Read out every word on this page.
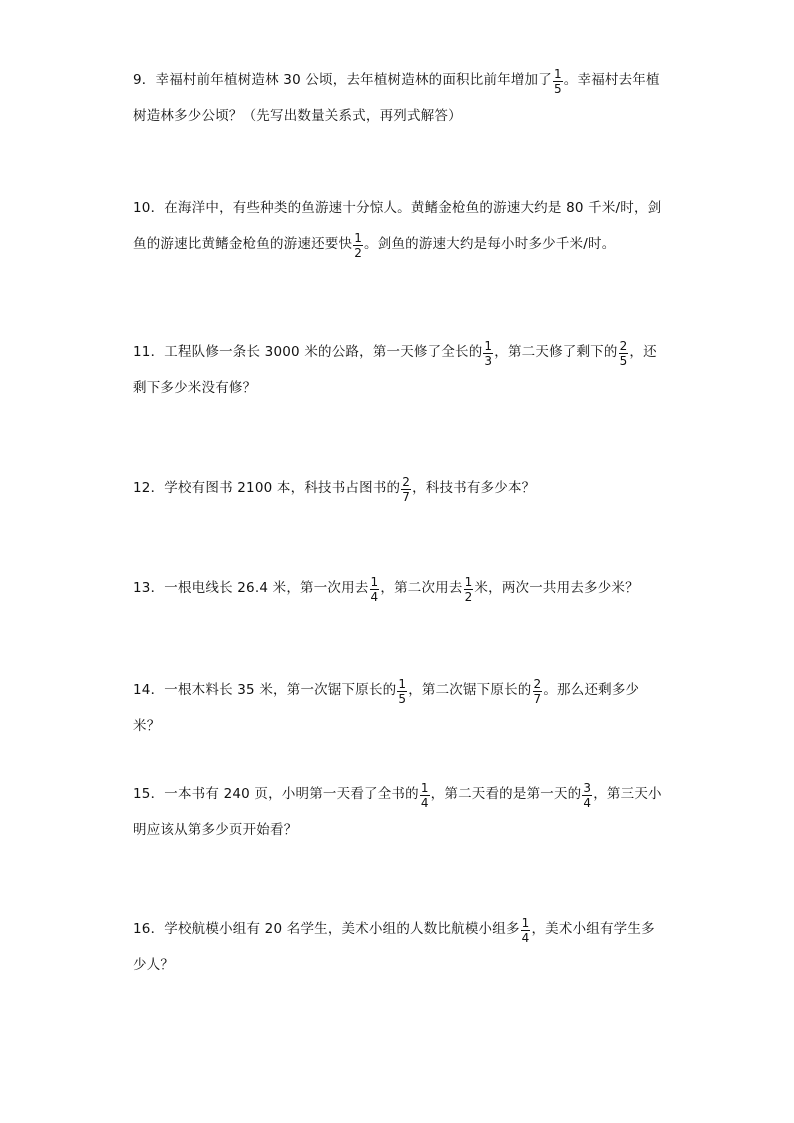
9．幸福村前年植树造林 30 公顷，去年植树造林的面积比前年增加了 $\frac{1}{5}$ 。幸福村去年植树造林多少公顷？（先写出数量关系式，再列式解答）
10．在海洋中，有些种类的鱼游速十分惊人。黄鳍金枪鱼的游速大约是 80 千米/时，剑鱼的游速比黄鳍金枪鱼的游速还要快 $\frac{1}{2}$ 。剑鱼的游速大约是每小时多少千米/时。
11．工程队修一条长 3000 米的公路，第一天修了全长的 $\frac{1}{3}$ ，第二天修了剩下的 $\frac{2}{5}$ ，还剩下多少米没有修？
12．学校有图书 2100 本，科技书占图书的 $\frac{2}{7}$ ，科技书有多少本？
13．一根电线长 26.4 米，第一次用去 $\frac{1}{4}$ ，第二次用去 $\frac{1}{2}$ 米，两次一共用去多少米？
14．一根木料长 35 米，第一次锯下原长的 $\frac{1}{5}$ ，第二次锯下原长的 $\frac{2}{7}$ 。那么还剩多少米？
15．一本书有 240 页，小明第一天看了全书的 $\frac{1}{4}$ ，第二天看的是第一天的 $\frac{3}{4}$ ，第三天小明应该从第多少页开始看？
16．学校航模小组有 20 名学生，美术小组的人数比航模小组多 $\frac{1}{4}$ ，美术小组有学生多少人？
